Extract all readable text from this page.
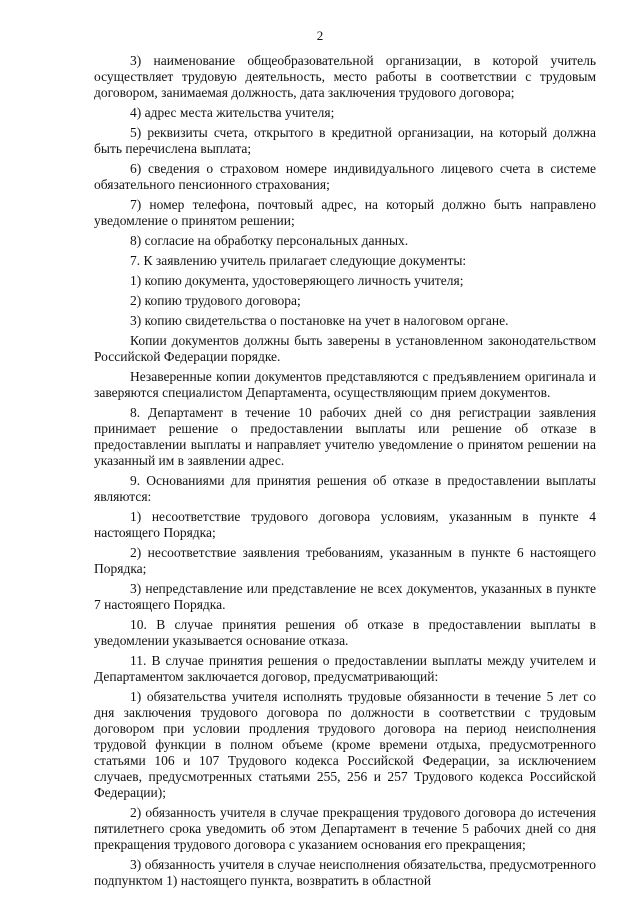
2

3) наименование общеобразовательной организации, в которой учитель осуществляет трудовую деятельность, место работы в соответствии с трудовым договором, занимаемая должность, дата заключения трудового договора;

4) адрес места жительства учителя;

5) реквизиты счета, открытого в кредитной организации, на который должна быть перечислена выплата;

6) сведения о страховом номере индивидуального лицевого счета в системе обязательного пенсионного страхования;

7) номер телефона, почтовый адрес, на который должно быть направлено уведомление о принятом решении;

8) согласие на обработку персональных данных.

7. К заявлению учитель прилагает следующие документы:

1) копию документа, удостоверяющего личность учителя;

2) копию трудового договора;

3) копию свидетельства о постановке на учет в налоговом органе.

Копии документов должны быть заверены в установленном законодательством Российской Федерации порядке.

Незаверенные копии документов представляются с предъявлением оригинала и заверяются специалистом Департамента, осуществляющим прием документов.

8. Департамент в течение 10 рабочих дней со дня регистрации заявления принимает решение о предоставлении выплаты или решение об отказе в предоставлении выплаты и направляет учителю уведомление о принятом решении на указанный им в заявлении адрес.

9. Основаниями для принятия решения об отказе в предоставлении выплаты являются:

1) несоответствие трудового договора условиям, указанным в пункте 4 настоящего Порядка;

2) несоответствие заявления требованиям, указанным в пункте 6 настоящего Порядка;

3) непредставление или представление не всех документов, указанных в пункте 7 настоящего Порядка.

10. В случае принятия решения об отказе в предоставлении выплаты в уведомлении указывается основание отказа.

11. В случае принятия решения о предоставлении выплаты между учителем и Департаментом заключается договор, предусматривающий:

1) обязательства учителя исполнять трудовые обязанности в течение 5 лет со дня заключения трудового договора по должности в соответствии с трудовым договором при условии продления трудового договора на период неисполнения трудовой функции в полном объеме (кроме времени отдыха, предусмотренного статьями 106 и 107 Трудового кодекса Российской Федерации, за исключением случаев, предусмотренных статьями 255, 256 и 257 Трудового кодекса Российской Федерации);

2) обязанность учителя в случае прекращения трудового договора до истечения пятилетнего срока уведомить об этом Департамент в течение 5 рабочих дней со дня прекращения трудового договора с указанием основания его прекращения;

3) обязанность учителя в случае неисполнения обязательства, предусмотренного подпунктом 1) настоящего пункта, возвратить в областной
